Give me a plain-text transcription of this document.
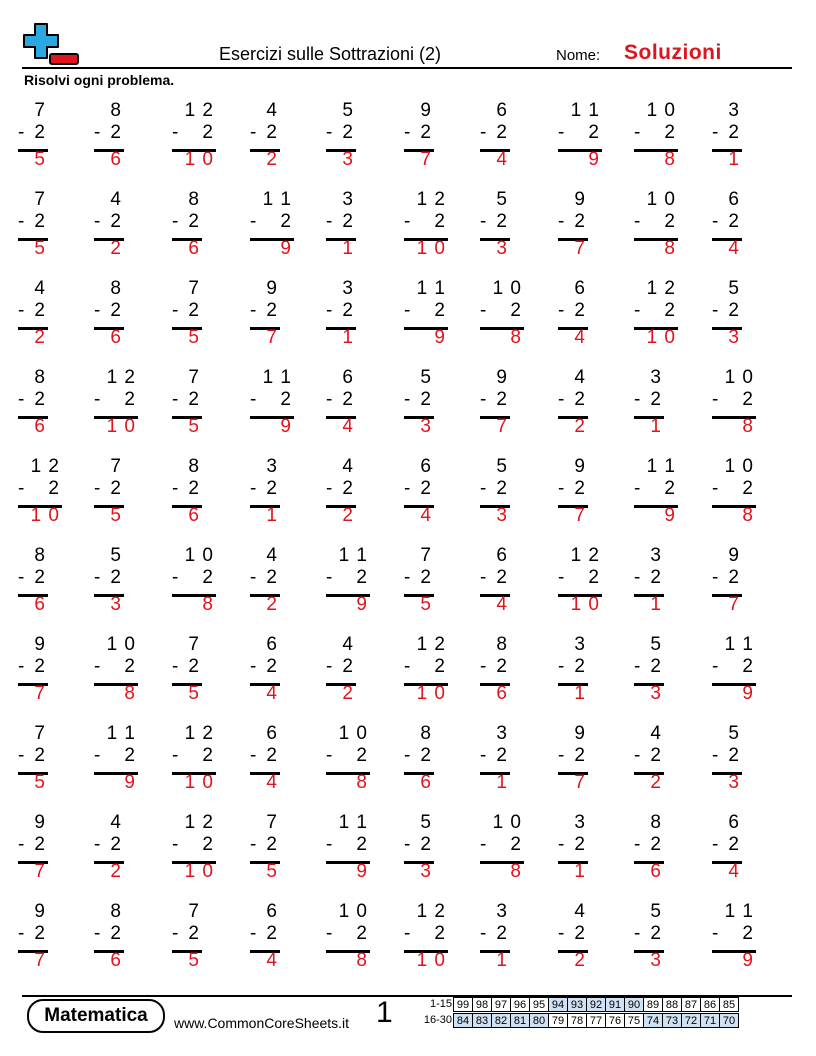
Esercizi sulle Sottrazioni (2)	Nome: Soluzioni
Risolvi ogni problema.
7
- 2
5
8
- 2
6
1 2
- 2
1 0
4
- 2
2
5
- 2
3
9
- 2
7
6
- 2
4
1 1
- 2
9
1 0
- 2
8
3
- 2
1
7
- 2
5
4
- 2
2
8
- 2
6
1 1
- 2
9
3
- 2
1
1 2
- 2
1 0
5
- 2
3
9
- 2
7
1 0
- 2
8
6
- 2
4
4
- 2
2
8
- 2
6
7
- 2
5
9
- 2
7
3
- 2
1
1 1
- 2
9
1 0
- 2
8
6
- 2
4
1 2
- 2
1 0
5
- 2
3
8
- 2
6
1 2
- 2
1 0
7
- 2
5
1 1
- 2
9
6
- 2
4
5
- 2
3
9
- 2
7
4
- 2
2
3
- 2
1
1 0
- 2
8
1 2
- 2
1 0
7
- 2
5
8
- 2
6
3
- 2
1
4
- 2
2
6
- 2
4
5
- 2
3
9
- 2
7
1 1
- 2
9
1 0
- 2
8
8
- 2
6
5
- 2
3
1 0
- 2
8
4
- 2
2
1 1
- 2
9
7
- 2
5
6
- 2
4
1 2
- 2
1 0
3
- 2
1
9
- 2
7
9
- 2
7
1 0
- 2
8
7
- 2
5
6
- 2
4
4
- 2
2
1 2
- 2
1 0
8
- 2
6
3
- 2
1
5
- 2
3
1 1
- 2
9
7
- 2
5
1 1
- 2
9
1 2
- 2
1 0
6
- 2
4
1 0
- 2
8
8
- 2
6
3
- 2
1
9
- 2
7
4
- 2
2
5
- 2
3
9
- 2
7
4
- 2
2
1 2
- 2
1 0
7
- 2
5
1 1
- 2
9
5
- 2
3
1 0
- 2
8
3
- 2
1
8
- 2
6
6
- 2
4
9
- 2
7
8
- 2
6
7
- 2
5
6
- 2
4
1 0
- 2
8
1 2
- 2
1 0
3
- 2
1
4
- 2
2
5
- 2
3
1 1
- 2
9
Matematica	www.CommonCoreSheets.it 1	1-15 99 98 97 96 95 94 93 92 91 90 89 88 87 86 85
16-30 84 83 82 81 80 79 78 77 76 75 74 73 72 71 70
